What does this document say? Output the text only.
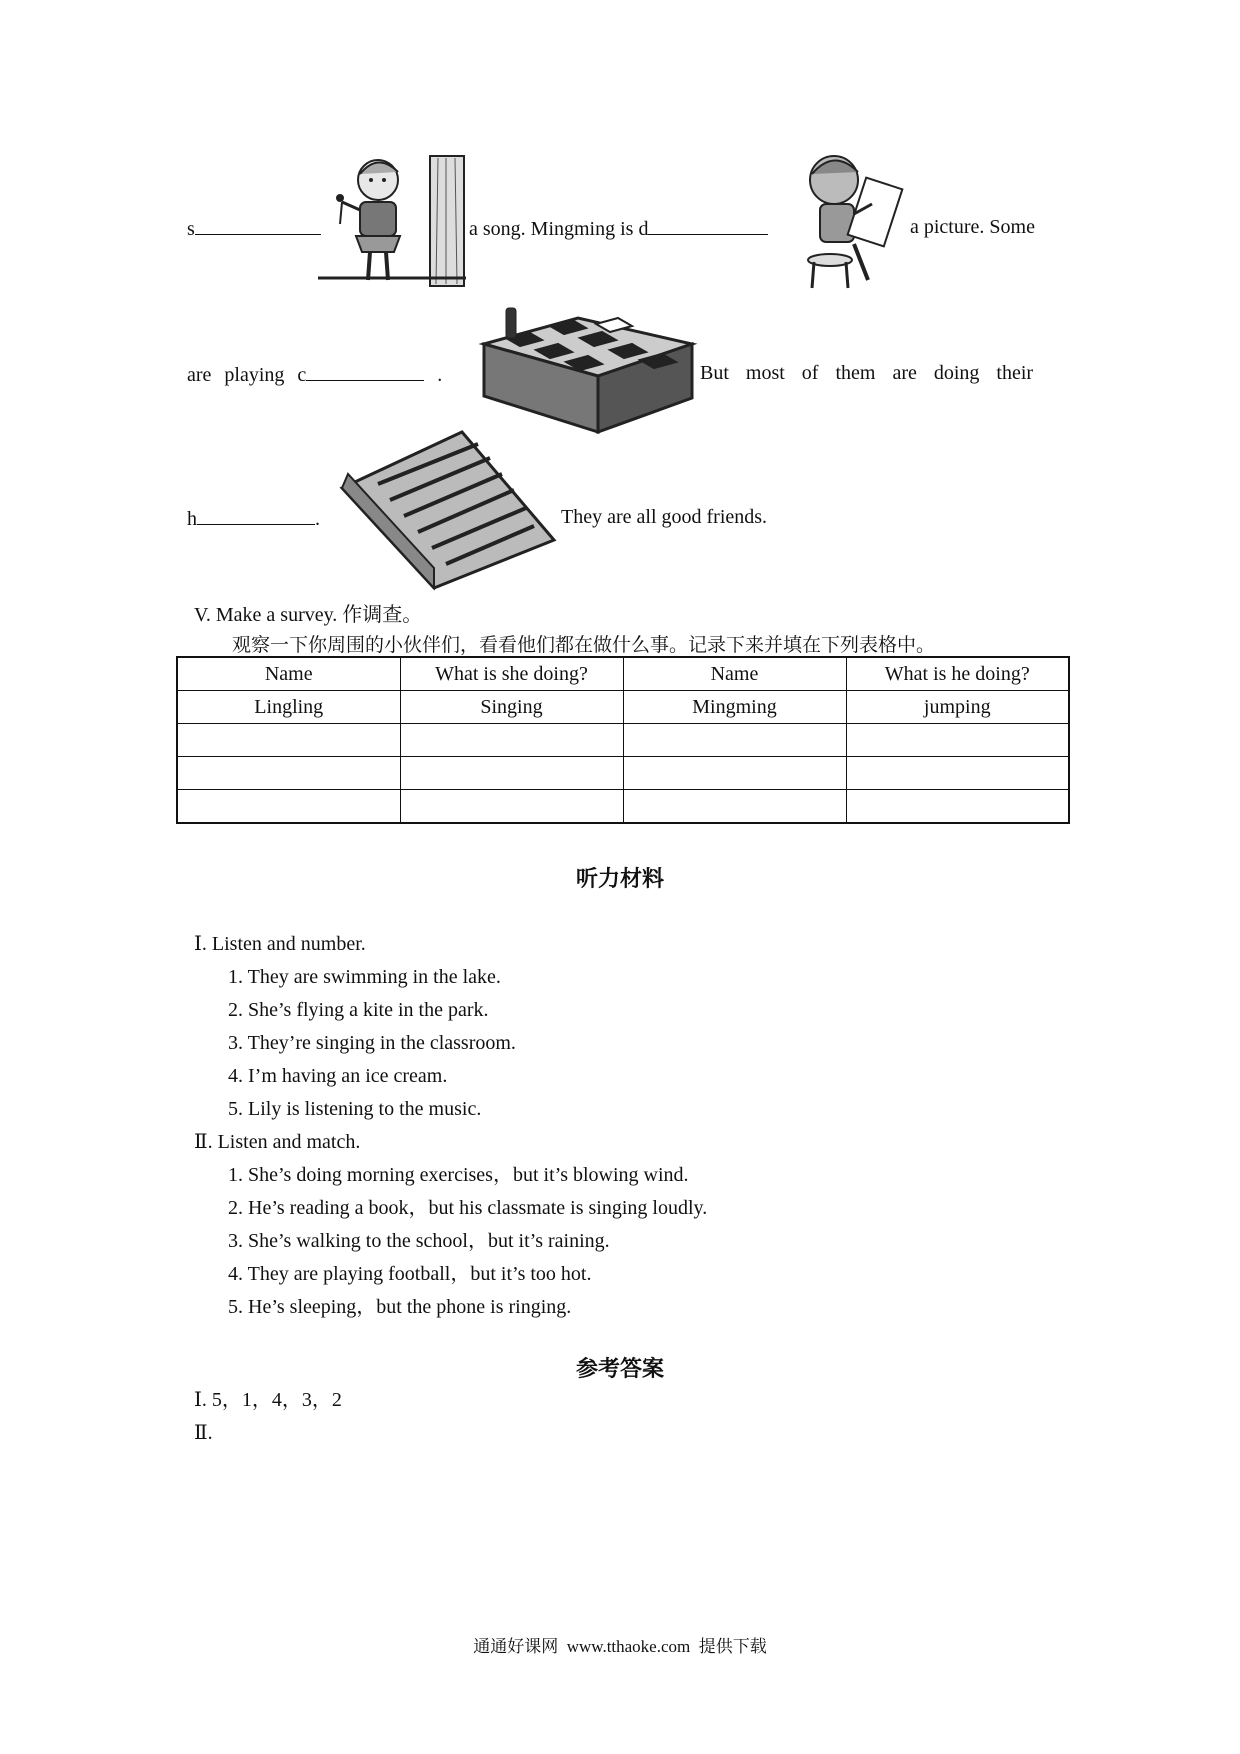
s	a song. Mingming is d	a picture. Some
are playing c	.	But most of them are doing their
h	.	They are all good friends.
V. Make a survey. 作调查。
观察一下你周围的小伙伴们，看看他们都在做什么事。记录下来并填在下列表格中。
Name	What is she doing?	Name	What is he doing?
Lingling	Singing	Mingming	jumping

听力材料
Ⅰ. Listen and number.
1. They are swimming in the lake.
2. She’s flying a kite in the park.
3. They’re singing in the classroom.
4. I’m having an ice cream.
5. Lily is listening to the music.
Ⅱ. Listen and match.
1. She’s doing morning exercises，but it’s blowing wind.
2. He’s reading a book，but his classmate is singing loudly.
3. She’s walking to the school，but it’s raining.
4. They are playing football，but it’s too hot.
5. He’s sleeping，but the phone is ringing.
参考答案
Ⅰ. 5，1，4，3，2
Ⅱ.
通通好课网 www.tthaoke.com 提供下载
